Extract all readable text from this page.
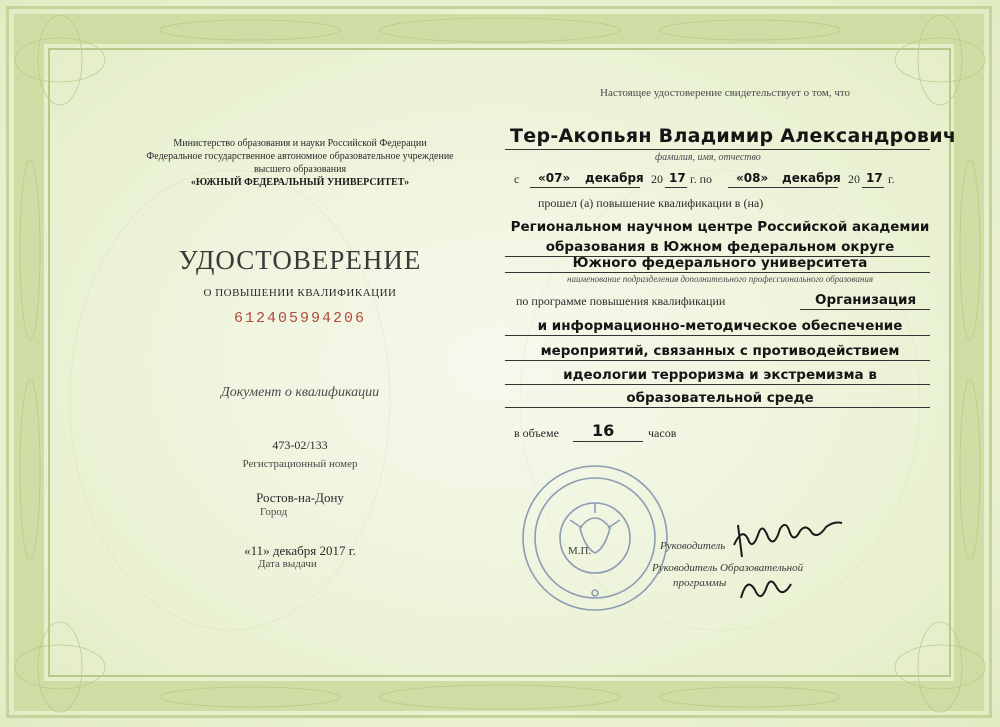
Министерство образования и науки Российской Федерации
Федеральное государственное автономное образовательное учреждение
высшего образования
«ЮЖНЫЙ ФЕДЕРАЛЬНЫЙ УНИВЕРСИТЕТ»
УДОСТОВЕРЕНИЕ
О ПОВЫШЕНИИ КВАЛИФИКАЦИИ
612405994206
Документ о квалификации
473-02/133
Регистрационный номер
Ростов-на-Дону
Город
«11» декабря 2017 г.
Дата выдачи
Настоящее удостоверение свидетельствует о том, что
Тер-Акопьян Владимир Александрович
фамилия, имя, отчество
с «07» декабря 20 17 г. по «08» декабря 20 17 г.
прошел (а) повышение квалификации в (на)
Региональном научном центре Российской академии
образования в Южном федеральном округе
Южного федерального университета
наименование подразделения дополнительного профессионального образования
по программе повышения квалификации	Организация
и информационно-методическое обеспечение
мероприятий, связанных с противодействием
идеологии терроризма и экстремизма в
образовательной среде
в объеме 16	часов
М.П.	Руководитель
Руководитель Образовательной
программы
